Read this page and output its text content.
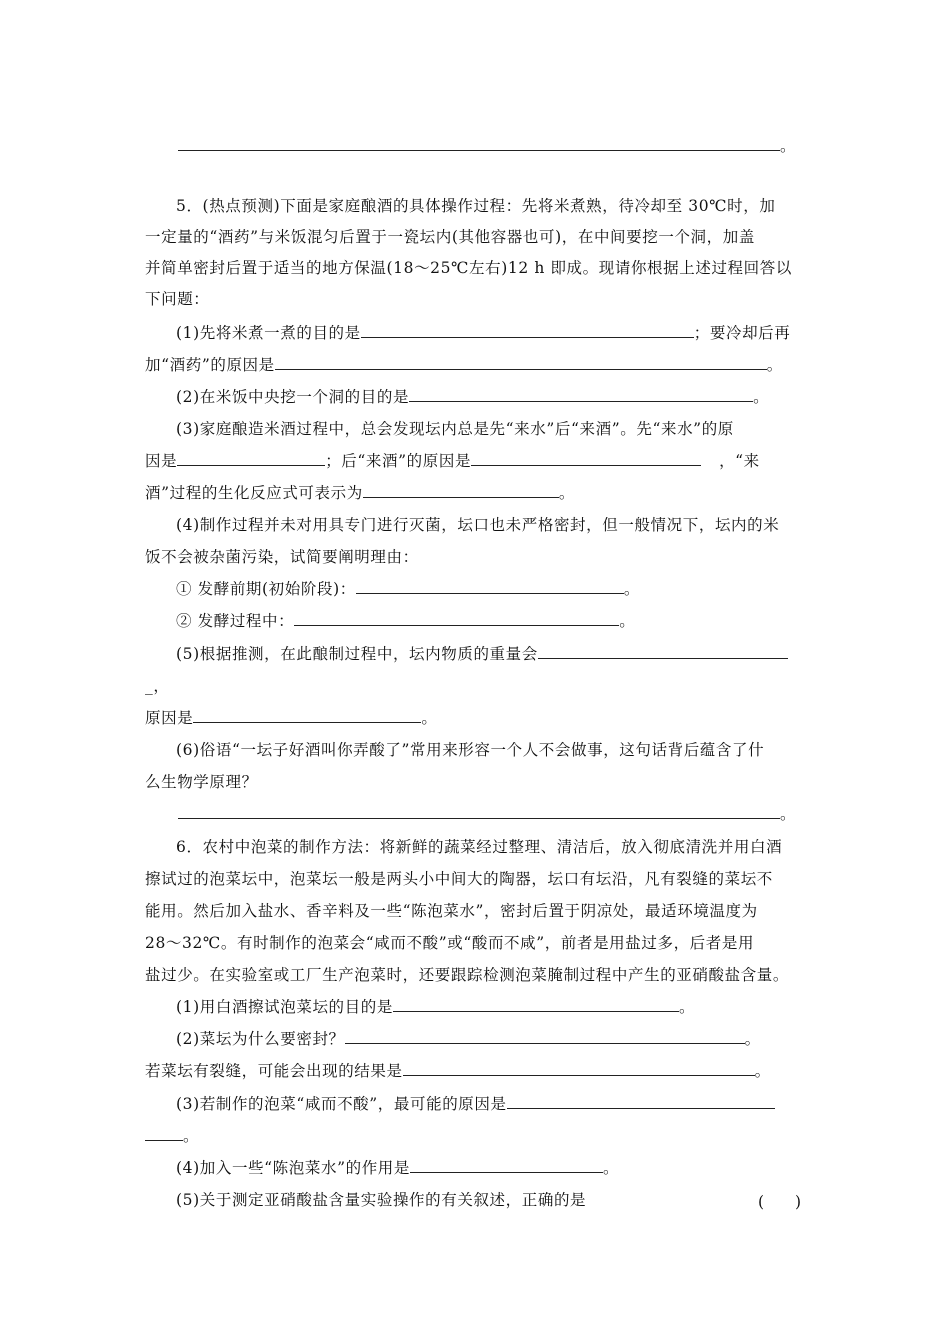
。
5．(热点预测)下面是家庭酿酒的具体操作过程：先将米煮熟，待冷却至 30℃时，加
一定量的“酒药”与米饭混匀后置于一瓷坛内(其他容器也可)，在中间要挖一个洞，加盖
并简单密封后置于适当的地方保温(18～25℃左右)12 h 即成。现请你根据上述过程回答以
下问题：
(1)先将米煮一煮的目的是	；要冷却后再
加“酒药”的原因是	。
(2)在米饭中央挖一个洞的目的是	。
(3)家庭酿造米酒过程中，总会发现坛内总是先“来水”后“来酒”。先“来水”的原
因是	；后“来酒”的原因是	，“来
酒”过程的生化反应式可表示为	。
(4)制作过程并未对用具专门进行灭菌，坛口也未严格密封，但一般情况下，坛内的米
饭不会被杂菌污染，试简要阐明理由：
① 发酵前期(初始阶段)：	。
② 发酵过程中：	。
(5)根据推测，在此酿制过程中，坛内物质的重量会
_，
原因是	。
(6)俗语“一坛子好酒叫你弄酸了”常用来形容一个人不会做事，这句话背后蕴含了什
么生物学原理？
。
6．农村中泡菜的制作方法：将新鲜的蔬菜经过整理、清洁后，放入彻底清洗并用白酒
擦试过的泡菜坛中，泡菜坛一般是两头小中间大的陶器，坛口有坛沿，凡有裂缝的菜坛不
能用。然后加入盐水、香辛料及一些“陈泡菜水”，密封后置于阴凉处，最适环境温度为
28～32℃。有时制作的泡菜会“咸而不酸”或“酸而不咸”，前者是用盐过多，后者是用
盐过少。在实验室或工厂生产泡菜时，还要跟踪检测泡菜腌制过程中产生的亚硝酸盐含量。
(1)用白酒擦试泡菜坛的目的是	。
(2)菜坛为什么要密封？	。
若菜坛有裂缝，可能会出现的结果是	。
(3)若制作的泡菜“咸而不酸”，最可能的原因是
。
(4)加入一些“陈泡菜水”的作用是	。
(5)关于测定亚硝酸盐含量实验操作的有关叙述，正确的是	(　　)
